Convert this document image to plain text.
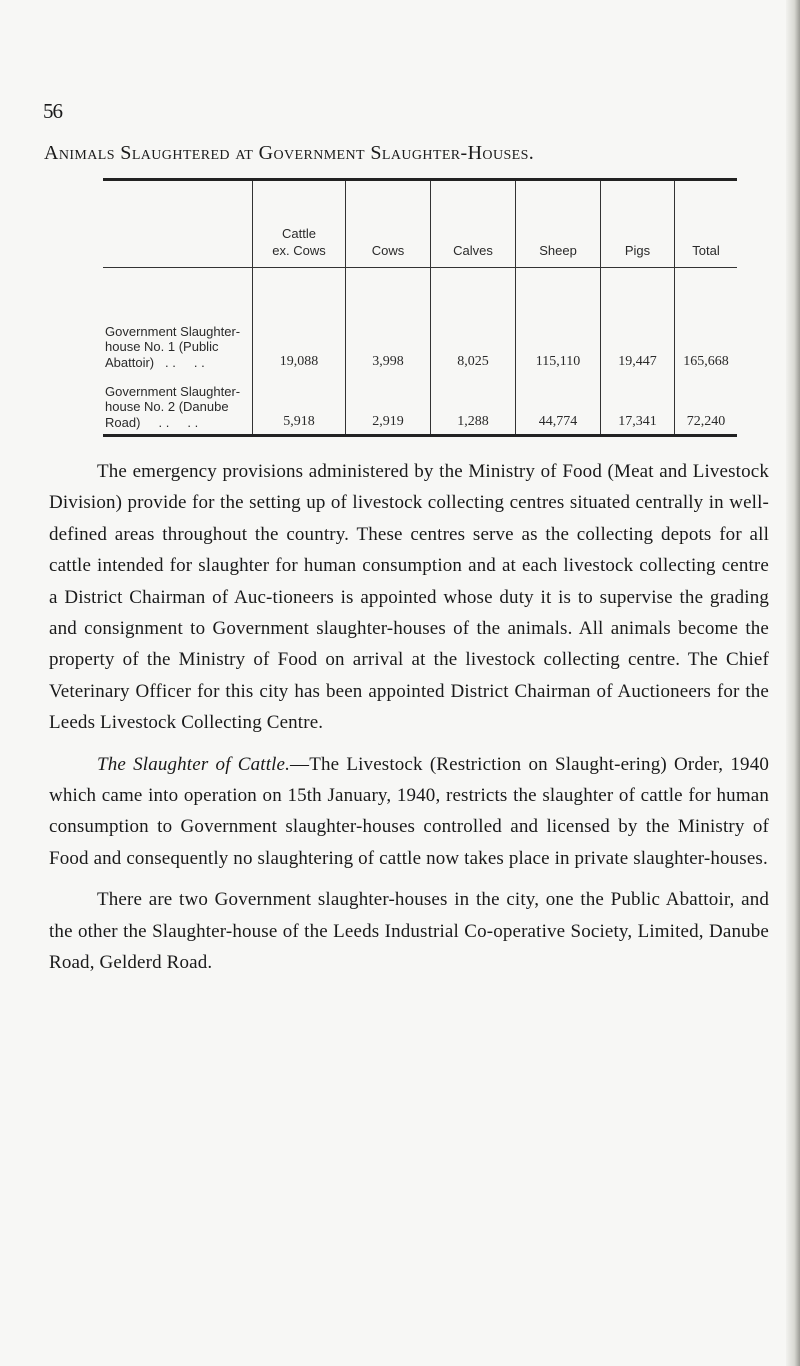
56
Animals Slaughtered at Government Slaughter-Houses.
	Cattle
ex. Cows	Cows	Calves	Sheep	Pigs	Total
Government Slaughter-
house No. 1 (Public
Abattoir)   . .     . .	19,088	3,998	8,025	115,110	19,447	165,668
Government Slaughter-
house No. 2 (Danube
Road)     . .     . .	5,918	2,919	1,288	44,774	17,341	72,240

The emergency provisions administered by the Ministry of Food (Meat and Livestock Division) provide for the setting up of livestock collecting centres situated centrally in well-defined areas throughout the country. These centres serve as the collecting depots for all cattle intended for slaughter for human consumption and at each livestock collecting centre a District Chairman of Auc-tioneers is appointed whose duty it is to supervise the grading and consignment to Government slaughter-houses of the animals. All animals become the property of the Ministry of Food on arrival at the livestock collecting centre. The Chief Veterinary Officer for this city has been appointed District Chairman of Auctioneers for the Leeds Livestock Collecting Centre.

The Slaughter of Cattle.—The Livestock (Restriction on Slaught-ering) Order, 1940 which came into operation on 15th January, 1940, restricts the slaughter of cattle for human consumption to Government slaughter-houses controlled and licensed by the Ministry of Food and consequently no slaughtering of cattle now takes place in private slaughter-houses.

There are two Government slaughter-houses in the city, one the Public Abattoir, and the other the Slaughter-house of the Leeds Industrial Co-operative Society, Limited, Danube Road, Gelderd Road.
